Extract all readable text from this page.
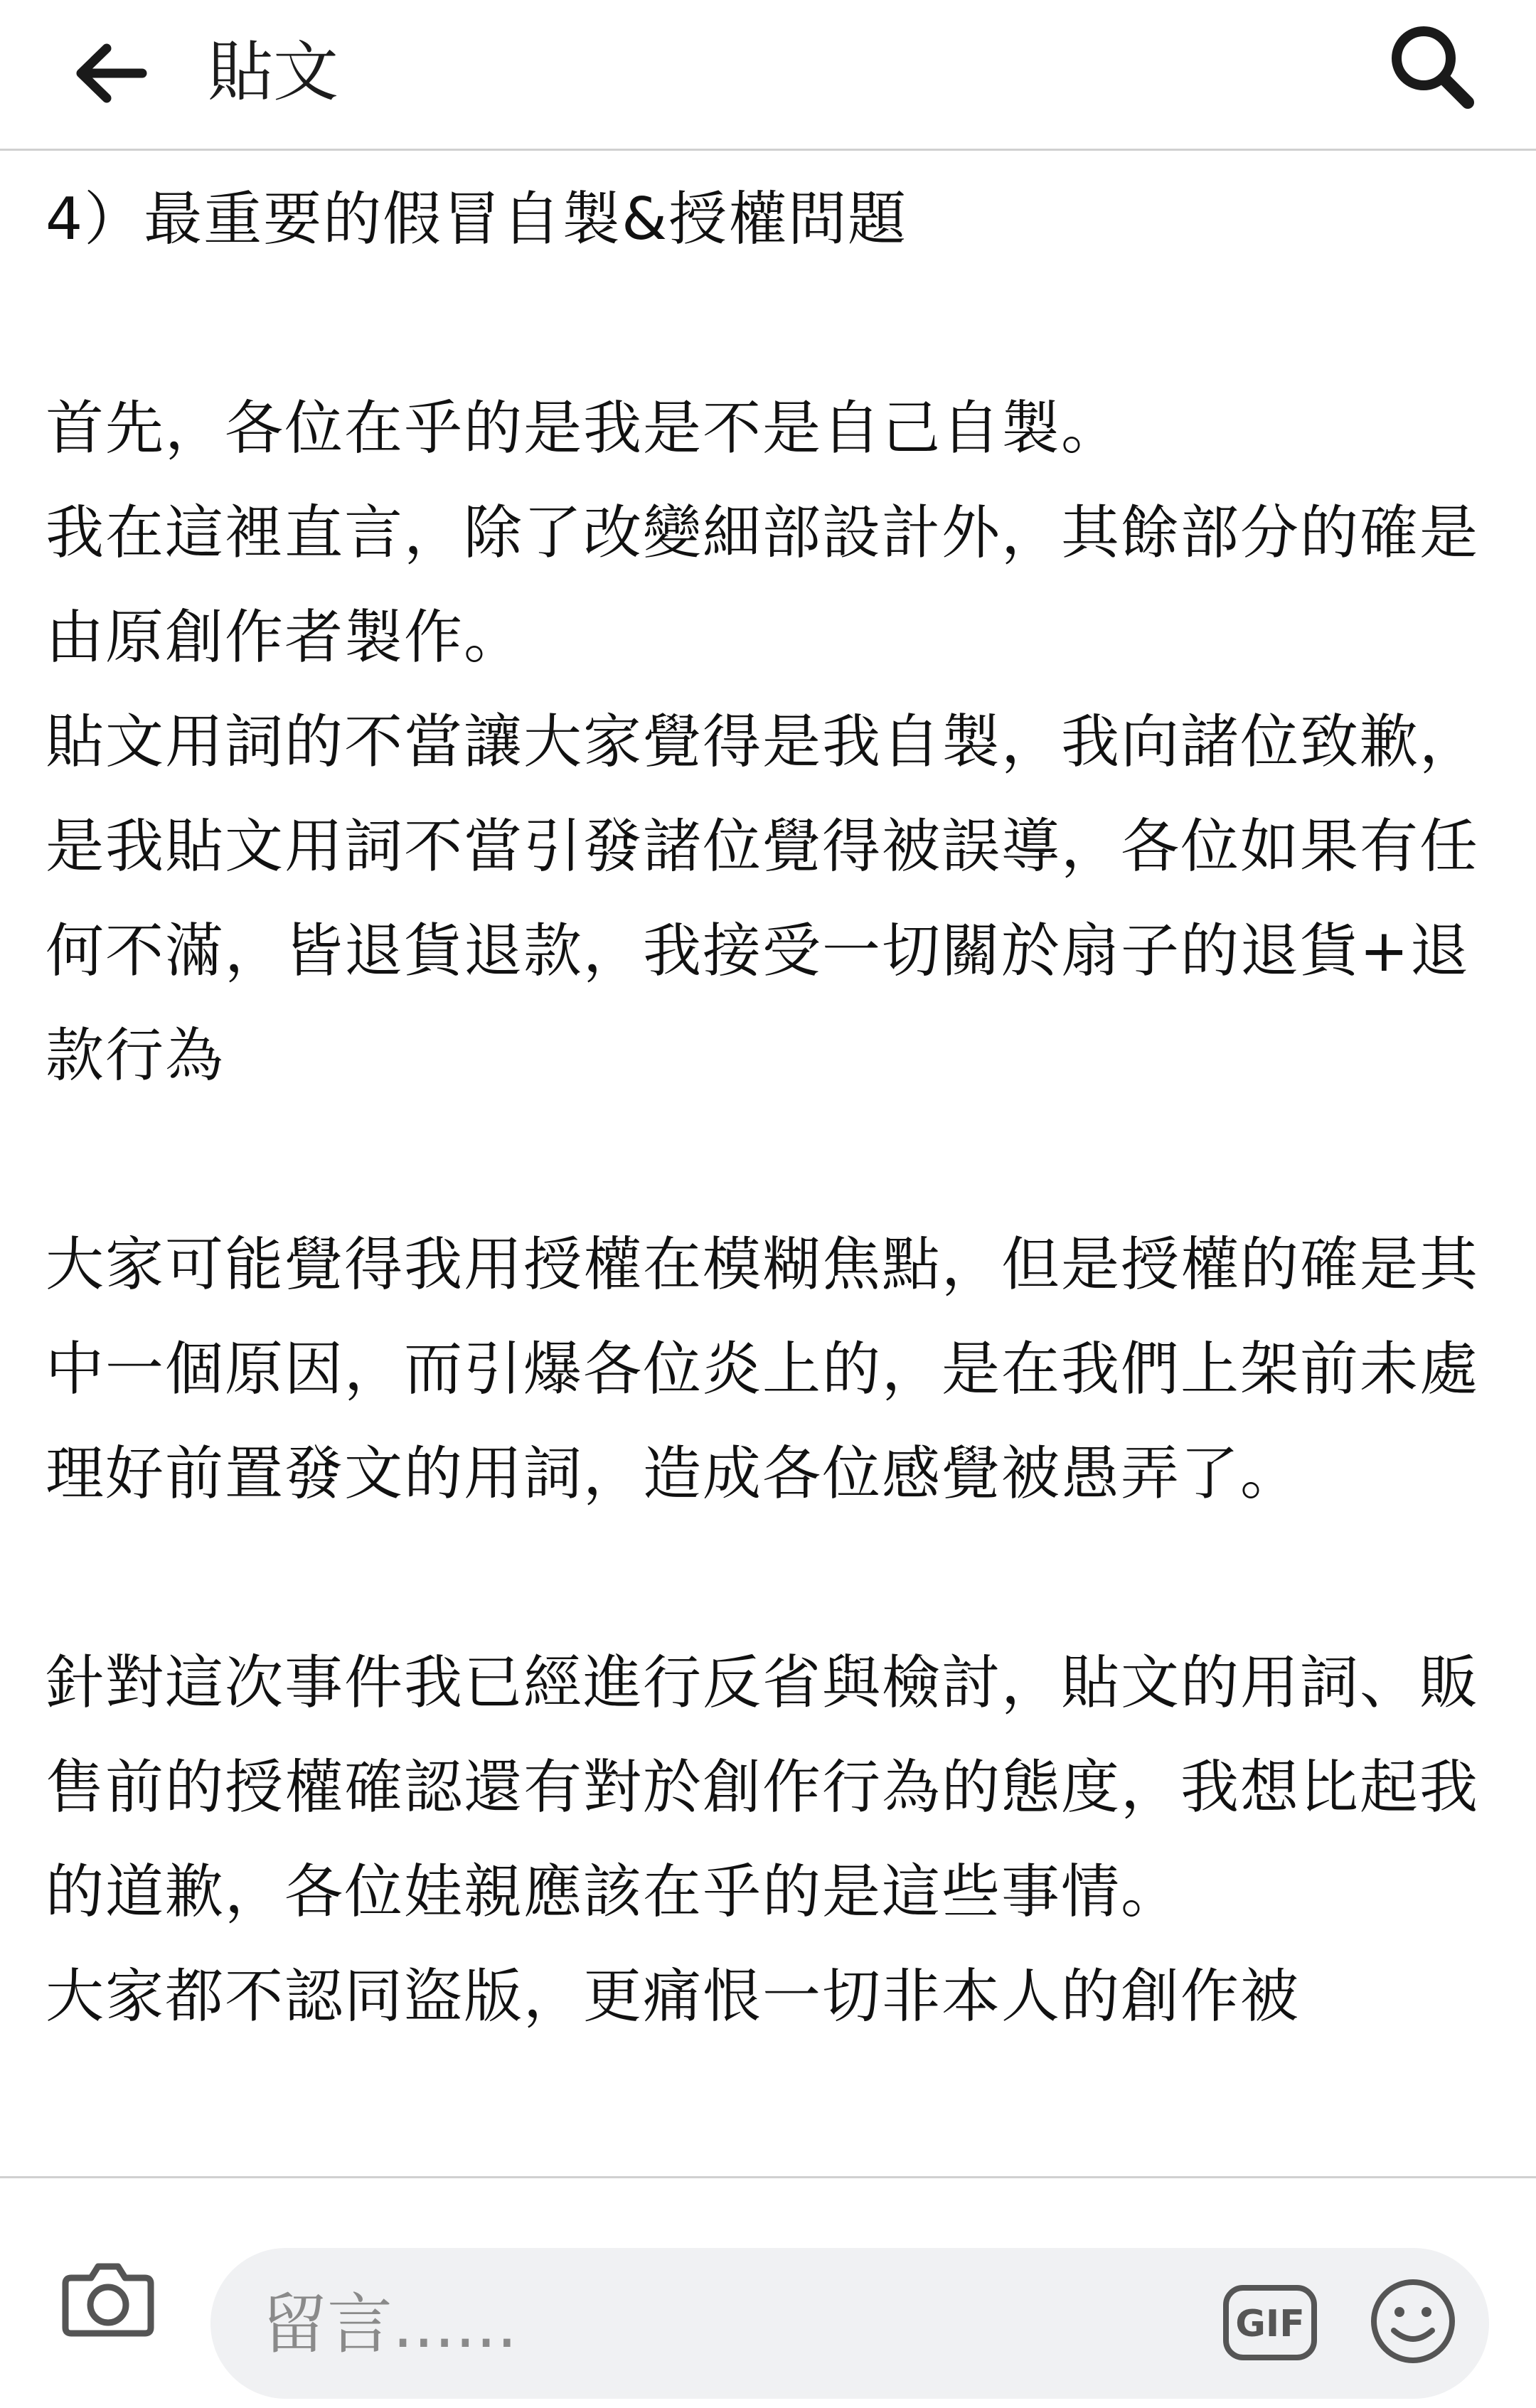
貼文

4）最重要的假冒自製&授權問題

首先，各位在乎的是我是不是自己自製。

我在這裡直言，除了改變細部設計外，其餘部分的確是由原創作者製作。

貼文用詞的不當讓大家覺得是我自製，我向諸位致歉，是我貼文用詞不當引發諸位覺得被誤導，各位如果有任何不滿，皆退貨退款，我接受一切關於扇子的退貨+退款行為

大家可能覺得我用授權在模糊焦點，但是授權的確是其中一個原因，而引爆各位炎上的，是在我們上架前未處理好前置發文的用詞，造成各位感覺被愚弄了。

針對這次事件我已經進行反省與檢討，貼文的用詞、販售前的授權確認還有對於創作行為的態度，我想比起我的道歉，各位娃親應該在乎的是這些事情。

大家都不認同盜版，更痛恨一切非本人的創作被

留言......
GIF
